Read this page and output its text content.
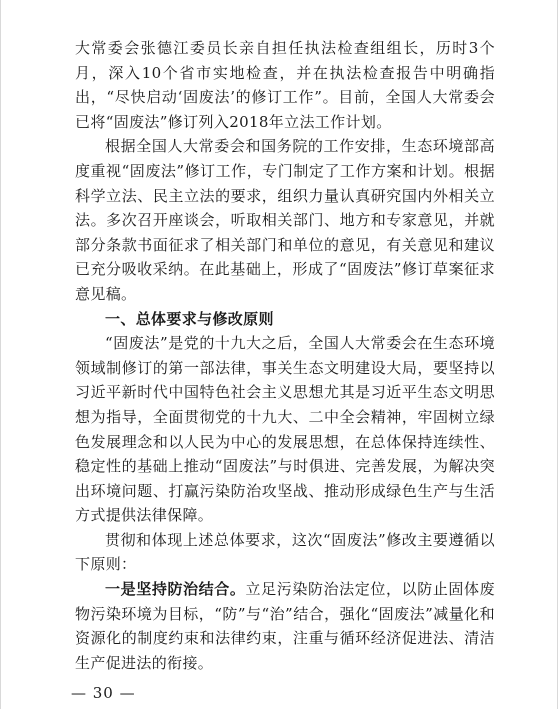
大常委会张德江委员长亲自担任执法检查组组长，历时3个月，深入10个省市实地检查，并在执法检查报告中明确指出，“尽快启动‘固废法’的修订工作”。目前，全国人大常委会已将“固废法”修订列入2018年立法工作计划。

根据全国人大常委会和国务院的工作安排，生态环境部高度重视“固废法”修订工作，专门制定了工作方案和计划。根据科学立法、民主立法的要求，组织力量认真研究国内外相关立法。多次召开座谈会，听取相关部门、地方和专家意见，并就部分条款书面征求了相关部门和单位的意见，有关意见和建议已充分吸收采纳。在此基础上，形成了“固废法”修订草案征求意见稿。

一、总体要求与修改原则

“固废法”是党的十九大之后，全国人大常委会在生态环境领域制修订的第一部法律，事关生态文明建设大局，要坚持以习近平新时代中国特色社会主义思想尤其是习近平生态文明思想为指导，全面贯彻党的十九大、二中全会精神，牢固树立绿色发展理念和以人民为中心的发展思想，在总体保持连续性、稳定性的基础上推动“固废法”与时俱进、完善发展，为解决突出环境问题、打赢污染防治攻坚战、推动形成绿色生产与生活方式提供法律保障。

贯彻和体现上述总体要求，这次“固废法”修改主要遵循以下原则：

一是坚持防治结合。立足污染防治法定位，以防止固体废物污染环境为目标，“防”与“治”结合，强化“固废法”减量化和资源化的制度约束和法律约束，注重与循环经济促进法、清洁生产促进法的衔接。

— 30 —
